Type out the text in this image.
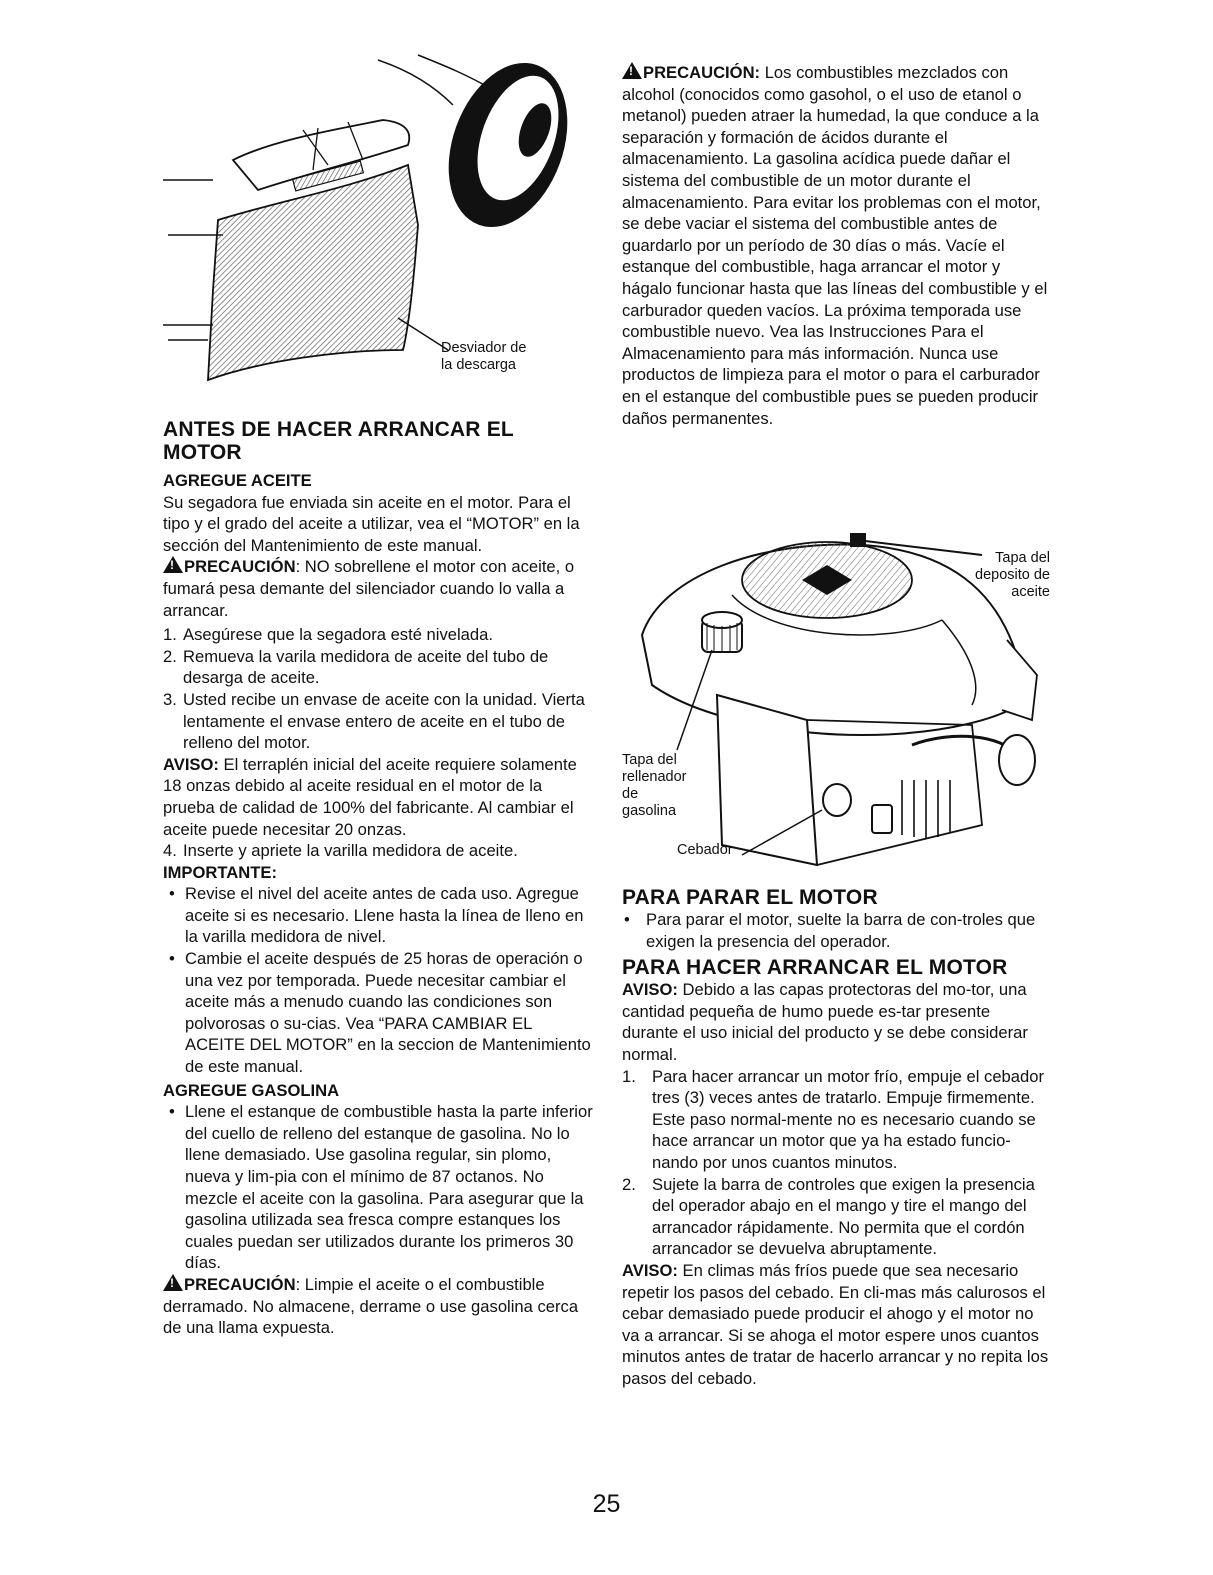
Desviador de
la descarga
ANTES DE HACER ARRANCAR EL MOTOR
AGREGUE ACEITE

Su segadora fue enviada sin aceite en el motor. Para el tipo y el grado del aceite a utilizar, vea el “MOTOR” en la sección del Mantenimiento de este manual.

!PRECAUCIÓN: NO sobrellene el motor con aceite, o fumará pesa demante del silenciador cuando lo valla a arrancar.

1. Asegúrese que la segadora esté nivelada.
2. Remueva la varila medidora de aceite del tubo de desarga de aceite.
3. Usted recibe un envase de aceite con la unidad. Vierta lentamente el envase entero de aceite en el tubo de relleno del motor.

AVISO: El terraplén inicial del aceite requiere solamente 18 onzas debido al aceite residual en el motor de la prueba de calidad de 100% del fabricante. Al cambiar el aceite puede necesitar 20 onzas.

4. Inserte y apriete la varilla medidora de aceite.
IMPORTANTE:
• Revise el nivel del aceite antes de cada uso. Agregue aceite si es necesario. Llene hasta la línea de lleno en la varilla medidora de nivel.
• Cambie el aceite después de 25 horas de operación o una vez por temporada. Puede necesitar cambiar el aceite más a menudo cuando las condiciones son polvorosas o su-cias. Vea “PARA CAMBIAR EL ACEITE DEL MOTOR” en la seccion de Mantenimiento de este manual.
AGREGUE GASOLINA
• Llene el estanque de combustible hasta la parte inferior del cuello de relleno del estanque de gasolina. No lo llene demasiado. Use gasolina regular, sin plomo, nueva y lim-pia con el mínimo de 87 octanos. No mezcle el aceite con la gasolina. Para asegurar que la gasolina utilizada sea fresca compre estanques los cuales puedan ser utilizados durante los primeros 30 días.

!PRECAUCIÓN: Limpie el aceite o el combustible derramado. No almacene, derrame o use gasolina cerca de una llama expuesta.

!PRECAUCIÓN: Los combustibles mezclados con alcohol (conocidos como gasohol, o el uso de etanol o metanol) pueden atraer la humedad, la que conduce a la separación y formación de ácidos durante el almacenamiento. La gasolina acídica puede dañar el sistema del combustible de un motor durante el almacenamiento. Para evitar los problemas con el motor, se debe vaciar el sistema del combustible antes de guardarlo por un período de 30 días o más. Vacíe el estanque del combustible, haga arrancar el motor y hágalo funcionar hasta que las líneas del combustible y el carburador queden vacíos. La próxima temporada use combustible nuevo. Vea las Instrucciones Para el Almacenamiento para más información. Nunca use productos de limpieza para el motor o para el carburador en el estanque del combustible pues se pueden producir daños permanentes.

Tapa del
deposito de
aceite
Tapa del
rellenador
de
gasolina
Cebador
PARA PARAR EL MOTOR
• Para parar el motor, suelte la barra de con-troles que exigen la presencia del operador.
PARA HACER ARRANCAR EL MOTOR

AVISO: Debido a las capas protectoras del mo-tor, una cantidad pequeña de humo puede es-tar presente durante el uso inicial del producto y se debe considerar normal.

1. Para hacer arrancar un motor frío, empuje el cebador tres (3) veces antes de tratarlo. Empuje firmemente. Este paso normal-mente no es necesario cuando se hace arrancar un motor que ya ha estado funcio-nando por unos cuantos minutos.
2. Sujete la barra de controles que exigen la presencia del operador abajo en el mango y tire el mango del arrancador rápidamente. No permita que el cordón arrancador se devuelva abruptamente.

AVISO: En climas más fríos puede que sea necesario repetir los pasos del cebado. En cli-mas más calurosos el cebar demasiado puede producir el ahogo y el motor no va a arrancar. Si se ahoga el motor espere unos cuantos minutos antes de tratar de hacerlo arrancar y no repita los pasos del cebado.

25
